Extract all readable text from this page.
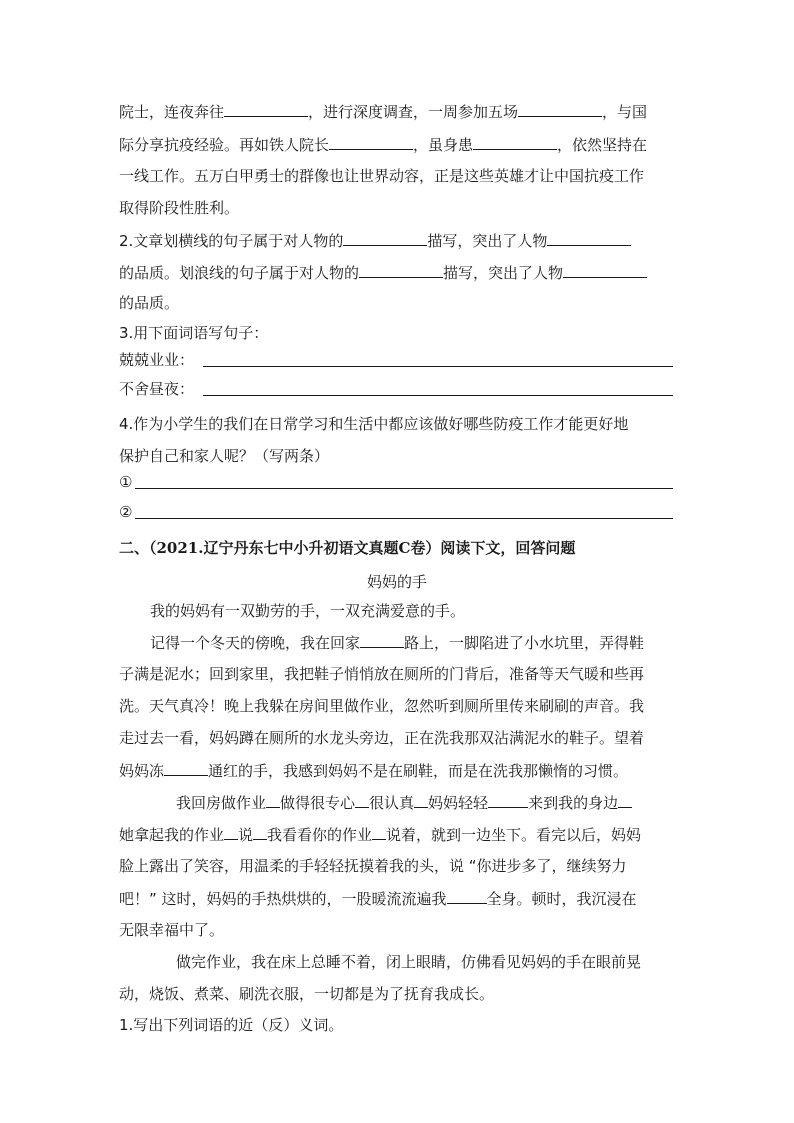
院士，连夜奔往	，进行深度调查，一周参加五场	，与国
际分享抗疫经验。再如铁人院长	，虽身患	，依然坚持在
一线工作。五万白甲勇士的群像也让世界动容，正是这些英雄才让中国抗疫工作
取得阶段性胜利。
2.文章划横线的句子属于对人物的	描写，突出了人物
的品质。划浪线的句子属于对人物的	描写，突出了人物
的品质。
3.用下面词语写句子：
兢兢业业：
不舍昼夜：
4.作为小学生的我们在日常学习和生活中都应该做好哪些防疫工作才能更好地
保护自己和家人呢？（写两条）
①
②
二、（2021.辽宁丹东七中小升初语文真题C卷）阅读下文，回答问题
妈妈的手
我的妈妈有一双勤劳的手，一双充满爱意的手。
记得一个冬天的傍晚，我在回家	路上，一脚陷进了小水坑里，弄得鞋
子满是泥水；回到家里，我把鞋子悄悄放在厕所的门背后，准备等天气暖和些再
洗。天气真冷！晚上我躲在房间里做作业，忽然听到厕所里传来刷刷的声音。我
走过去一看，妈妈蹲在厕所的水龙头旁边，正在洗我那双沾满泥水的鞋子。望着
妈妈冻	通红的手，我感到妈妈不是在刷鞋，而是在洗我那懒惰的习惯。
我回房做作业 做得很专心 很认真 妈妈轻轻	来到我的身边
她拿起我的作业 说 我看看你的作业 说着，就到一边坐下。看完以后，妈妈
脸上露出了笑容，用温柔的手轻轻抚摸着我的头，说 “你进步多了，继续努力
吧！” 这时，妈妈的手热烘烘的，一股暖流流遍我	全身。顿时，我沉浸在
无限幸福中了。
做完作业，我在床上总睡不着，闭上眼睛，仿佛看见妈妈的手在眼前晃
动，烧饭、煮菜、刷洗衣服，一切都是为了抚育我成长。
1.写出下列词语的近（反）义词。
